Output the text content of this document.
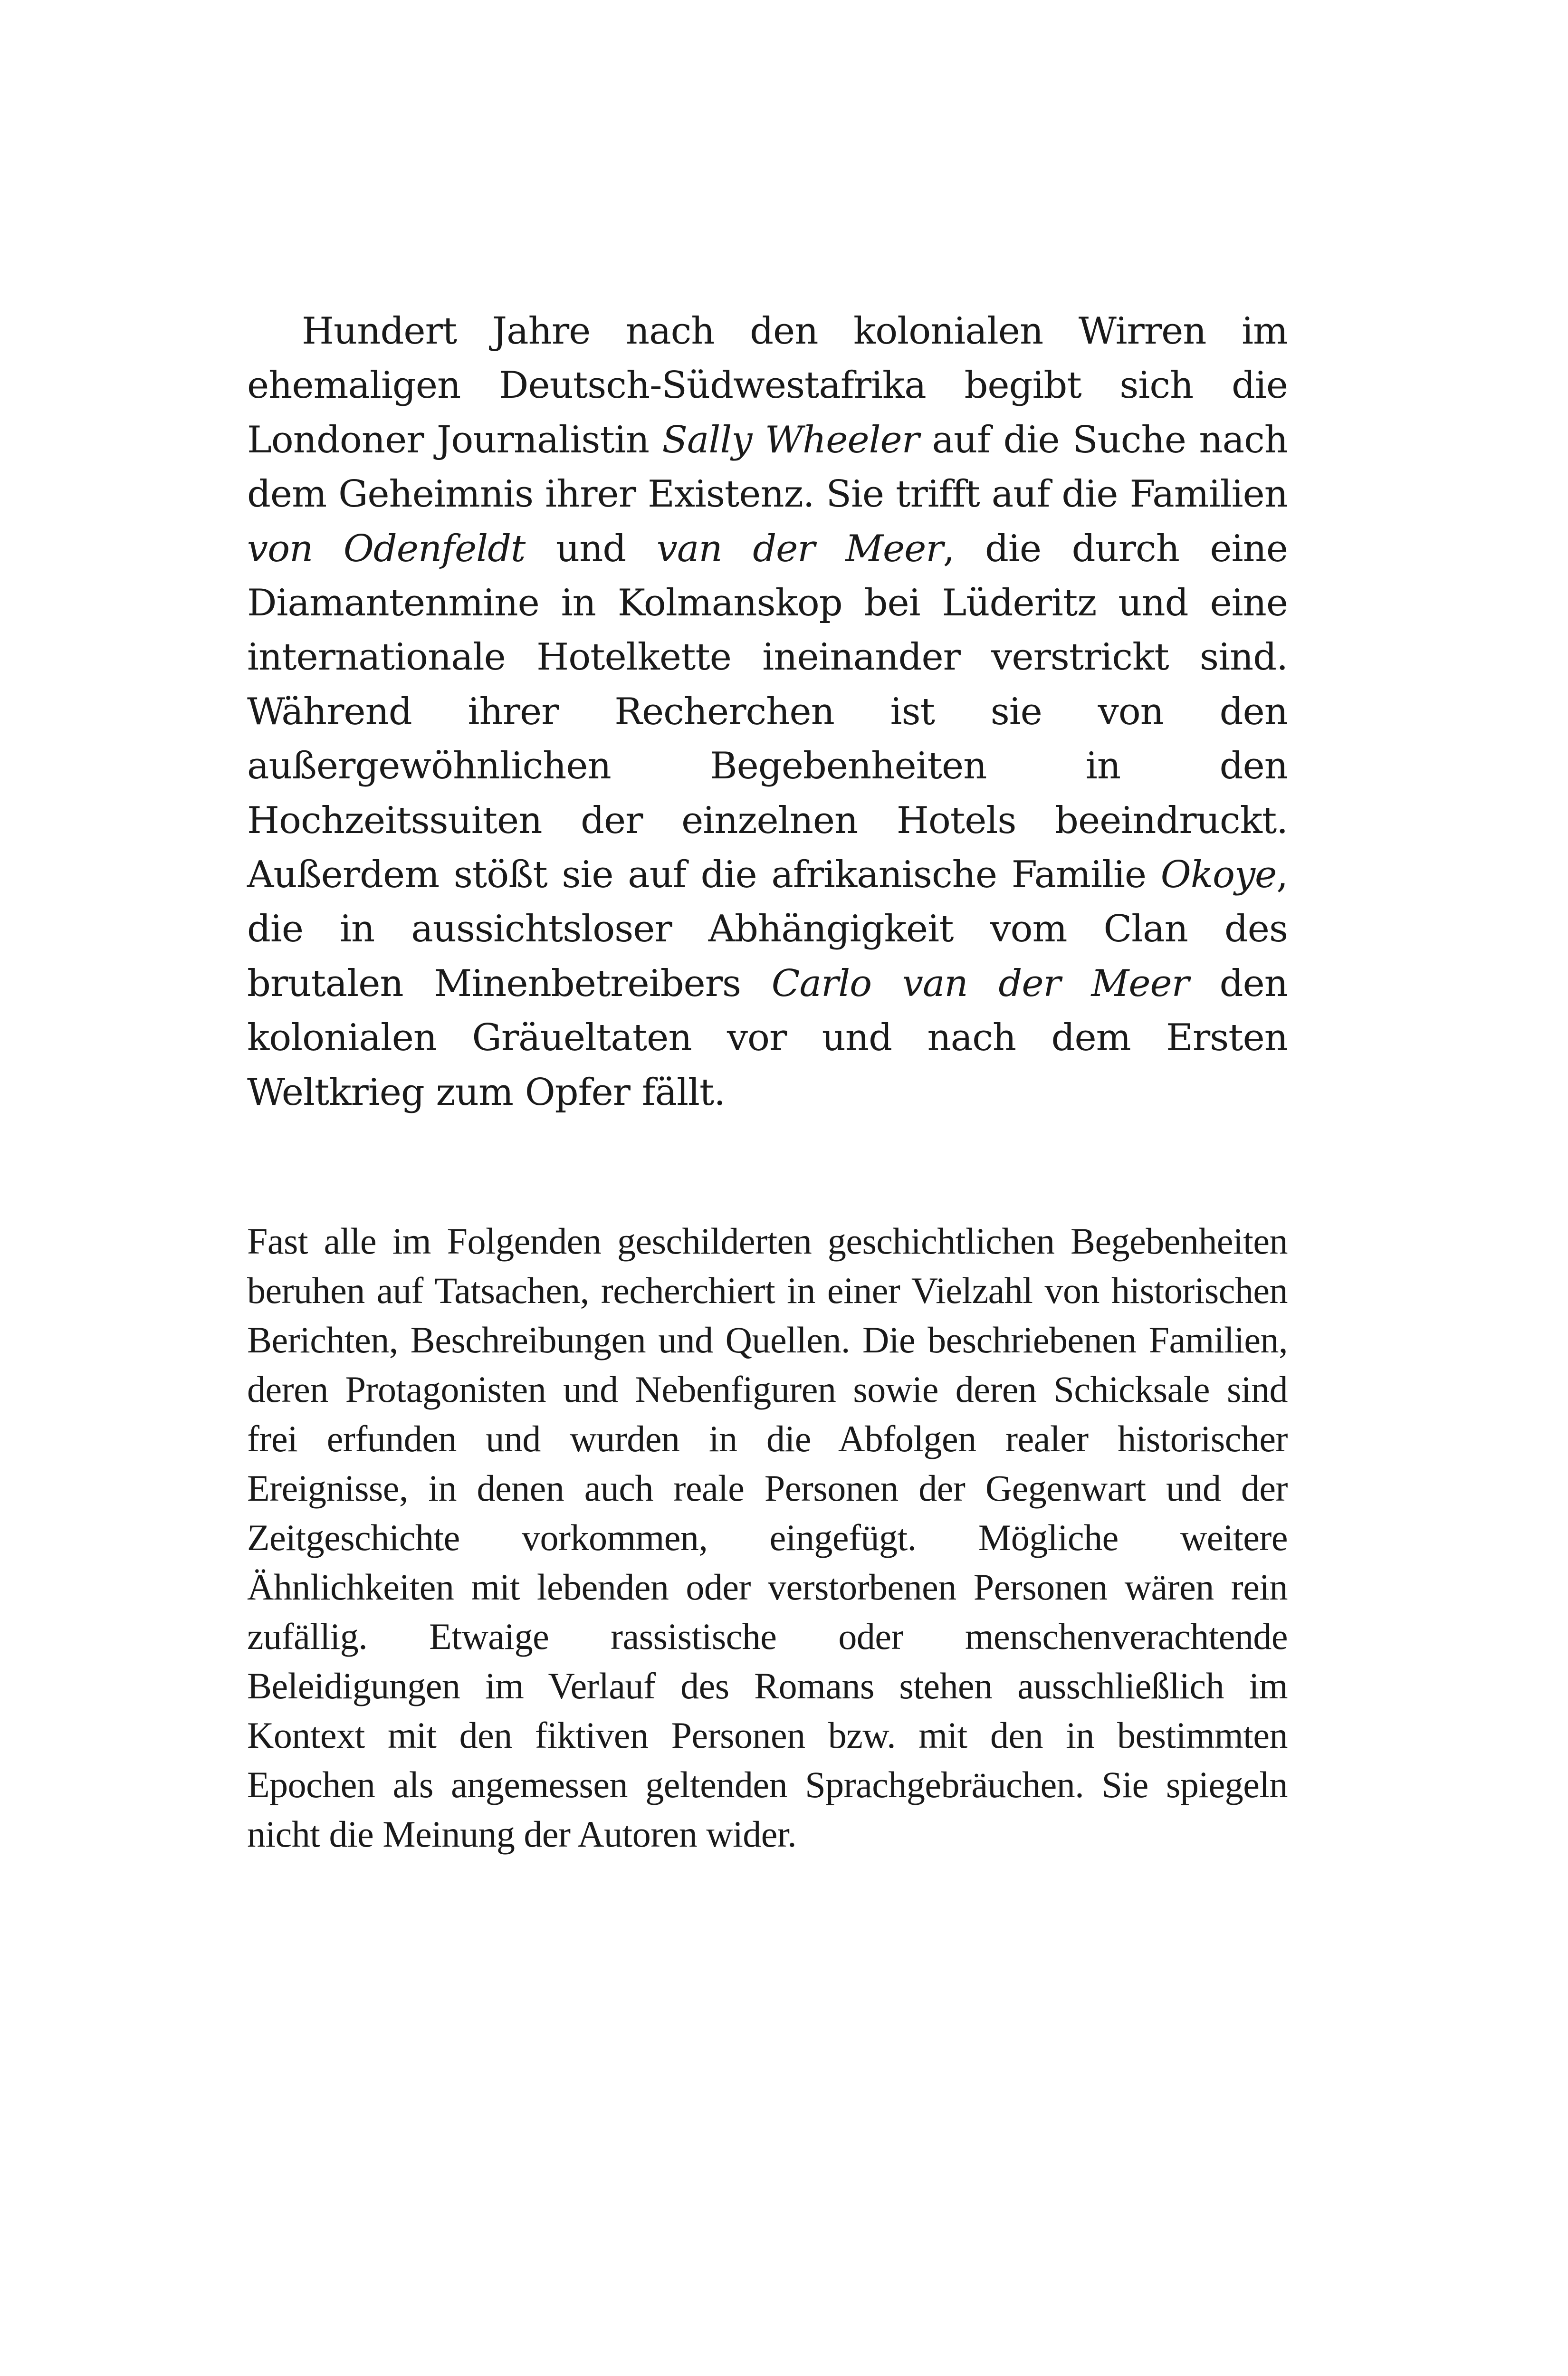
Hundert Jahre nach den kolonialen Wirren im ehemaligen Deutsch-Südwestafrika begibt sich die Londoner Journalistin Sally Wheeler auf die Suche nach dem Geheimnis ihrer Existenz. Sie trifft auf die Familien von Odenfeldt und van der Meer, die durch eine Diamantenmine in Kolmanskop bei Lüderitz und eine internationale Hotelkette ineinander verstrickt sind. Während ihrer Recherchen ist sie von den außergewöhnlichen Begebenheiten in den Hochzeitssuiten der einzelnen Hotels beeindruckt. Außerdem stößt sie auf die afrikanische Familie Okoye, die in aussichtsloser Abhängigkeit vom Clan des brutalen Minenbetreibers Carlo van der Meer den kolonialen Gräueltaten vor und nach dem Ersten Weltkrieg zum Opfer fällt.

Fast alle im Folgenden geschilderten geschichtlichen Begebenheiten beruhen auf Tatsachen, recherchiert in einer Vielzahl von historischen Berichten, Beschreibungen und Quellen. Die beschriebenen Familien, deren Protagonisten und Nebenfiguren sowie deren Schicksale sind frei erfunden und wurden in die Abfolgen realer historischer Ereignisse, in denen auch reale Personen der Gegenwart und der Zeitgeschichte vorkommen, eingefügt. Mögliche weitere Ähnlichkeiten mit lebenden oder verstorbenen Personen wären rein zufällig. Etwaige rassistische oder menschenverachtende Beleidigungen im Verlauf des Romans stehen ausschließlich im Kontext mit den fiktiven Personen bzw. mit den in bestimmten Epochen als angemessen geltenden Sprachgebräuchen. Sie spiegeln nicht die Meinung der Autoren wider.
